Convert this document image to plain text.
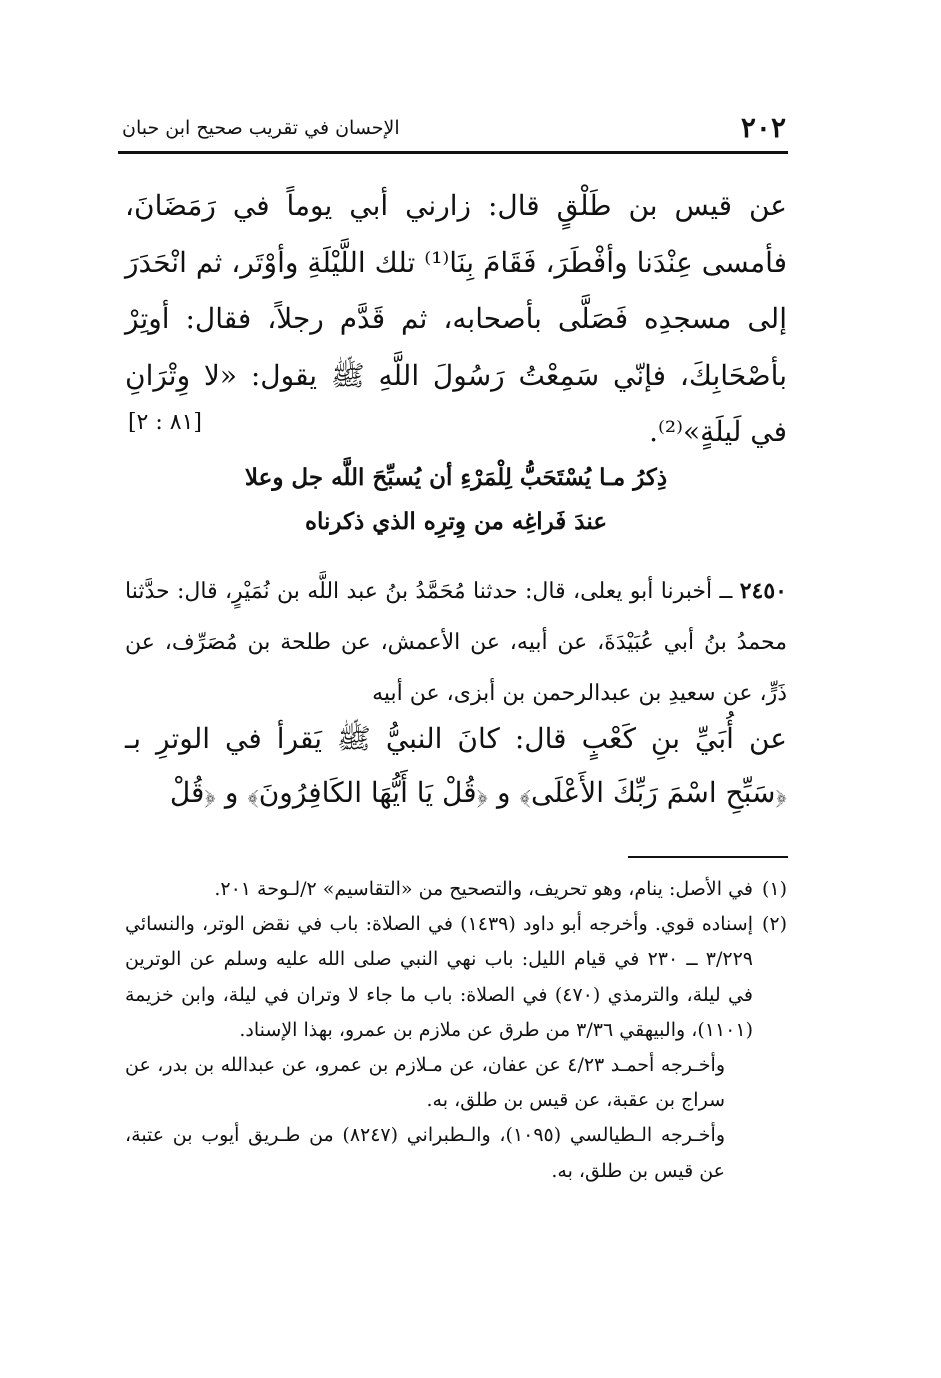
٢٠٢
الإحسان في تقريب صحيح ابن حبان

عن قيس بن طَلْقٍ قال: زارني أبي يوماً في رَمَضَانَ، فأمسى عِنْدَنا وأفْطَرَ، فَقَامَ بِنَا⁽¹⁾ تلك اللَّيْلَةِ وأوْتَر، ثم انْحَدَرَ إلى مسجدِه فَصَلَّى بأصحابه، ثم قَدَّم رجلاً، فقال: أوتِرْ بأصْحَابِكَ، فإنّي سَمِعْتُ رَسُولَ اللَّهِ ﷺ يقول: «لا وِتْرَانِ في لَيلَةٍ»⁽²⁾.

[٨١ : ٢]
ذِكرُ مـا يُسْتَحَبُّ لِلْمَرْءِ أن يُسبِّحَ اللَّه جل وعلا
عندَ فَراغِه من وِترِه الذي ذكرناه
٢٤٥٠ ــ أخبرنا أبو يعلى، قال: حدثنا مُحَمَّدُ بنُ عبد اللَّه بن نُمَيْرٍ، قال: حدَّثنا محمدُ بنُ أبي عُبَيْدَةَ، عن أبيه، عن الأعمش، عن طلحة بن مُصَرِّف، عن ذَرٍّ، عن سعيدِ بن عبدالرحمن بن أبزى، عن أبيه

عن أُبَيِّ بنِ كَعْبٍ قال: كانَ النبيُّ ﷺ يَقرأ في الوترِ بـ ﴿سَبِّحِ اسْمَ رَبِّكَ الأَعْلَى﴾ و ﴿قُلْ يَا أَيُّهَا الكَافِرُونَ﴾ و ﴿قُلْ

(١)

في الأصل: ينام، وهو تحريف، والتصحيح من «التقاسيم» ٢/لـوحة ٢٠١.

(٢)

إسناده قوي. وأخرجه أبو داود (١٤٣٩) في الصلاة: باب في نقض الوتر، والنسائي ٣/٢٢٩ ــ ٢٣٠ في قيام الليل: باب نهي النبي صلى الله عليه وسلم عن الوترين في ليلة، والترمذي (٤٧٠) في الصلاة: باب ما جاء لا وتران في ليلة، وابن خزيمة (١١٠١)، والبيهقي ٣/٣٦ من طرق عن ملازم بن عمرو، بهذا الإسناد.

وأخـرجه أحمـد ٤/٢٣ عن عفان، عن مـلازم بن عمرو، عن عبدالله بن بدر، عن سراج بن عقبة، عن قيس بن طلق، به.

وأخـرجه الـطيالسي (١٠٩٥)، والـطبراني (٨٢٤٧) من طـريق أيوب بن عتبة، عن قيس بن طلق، به.
